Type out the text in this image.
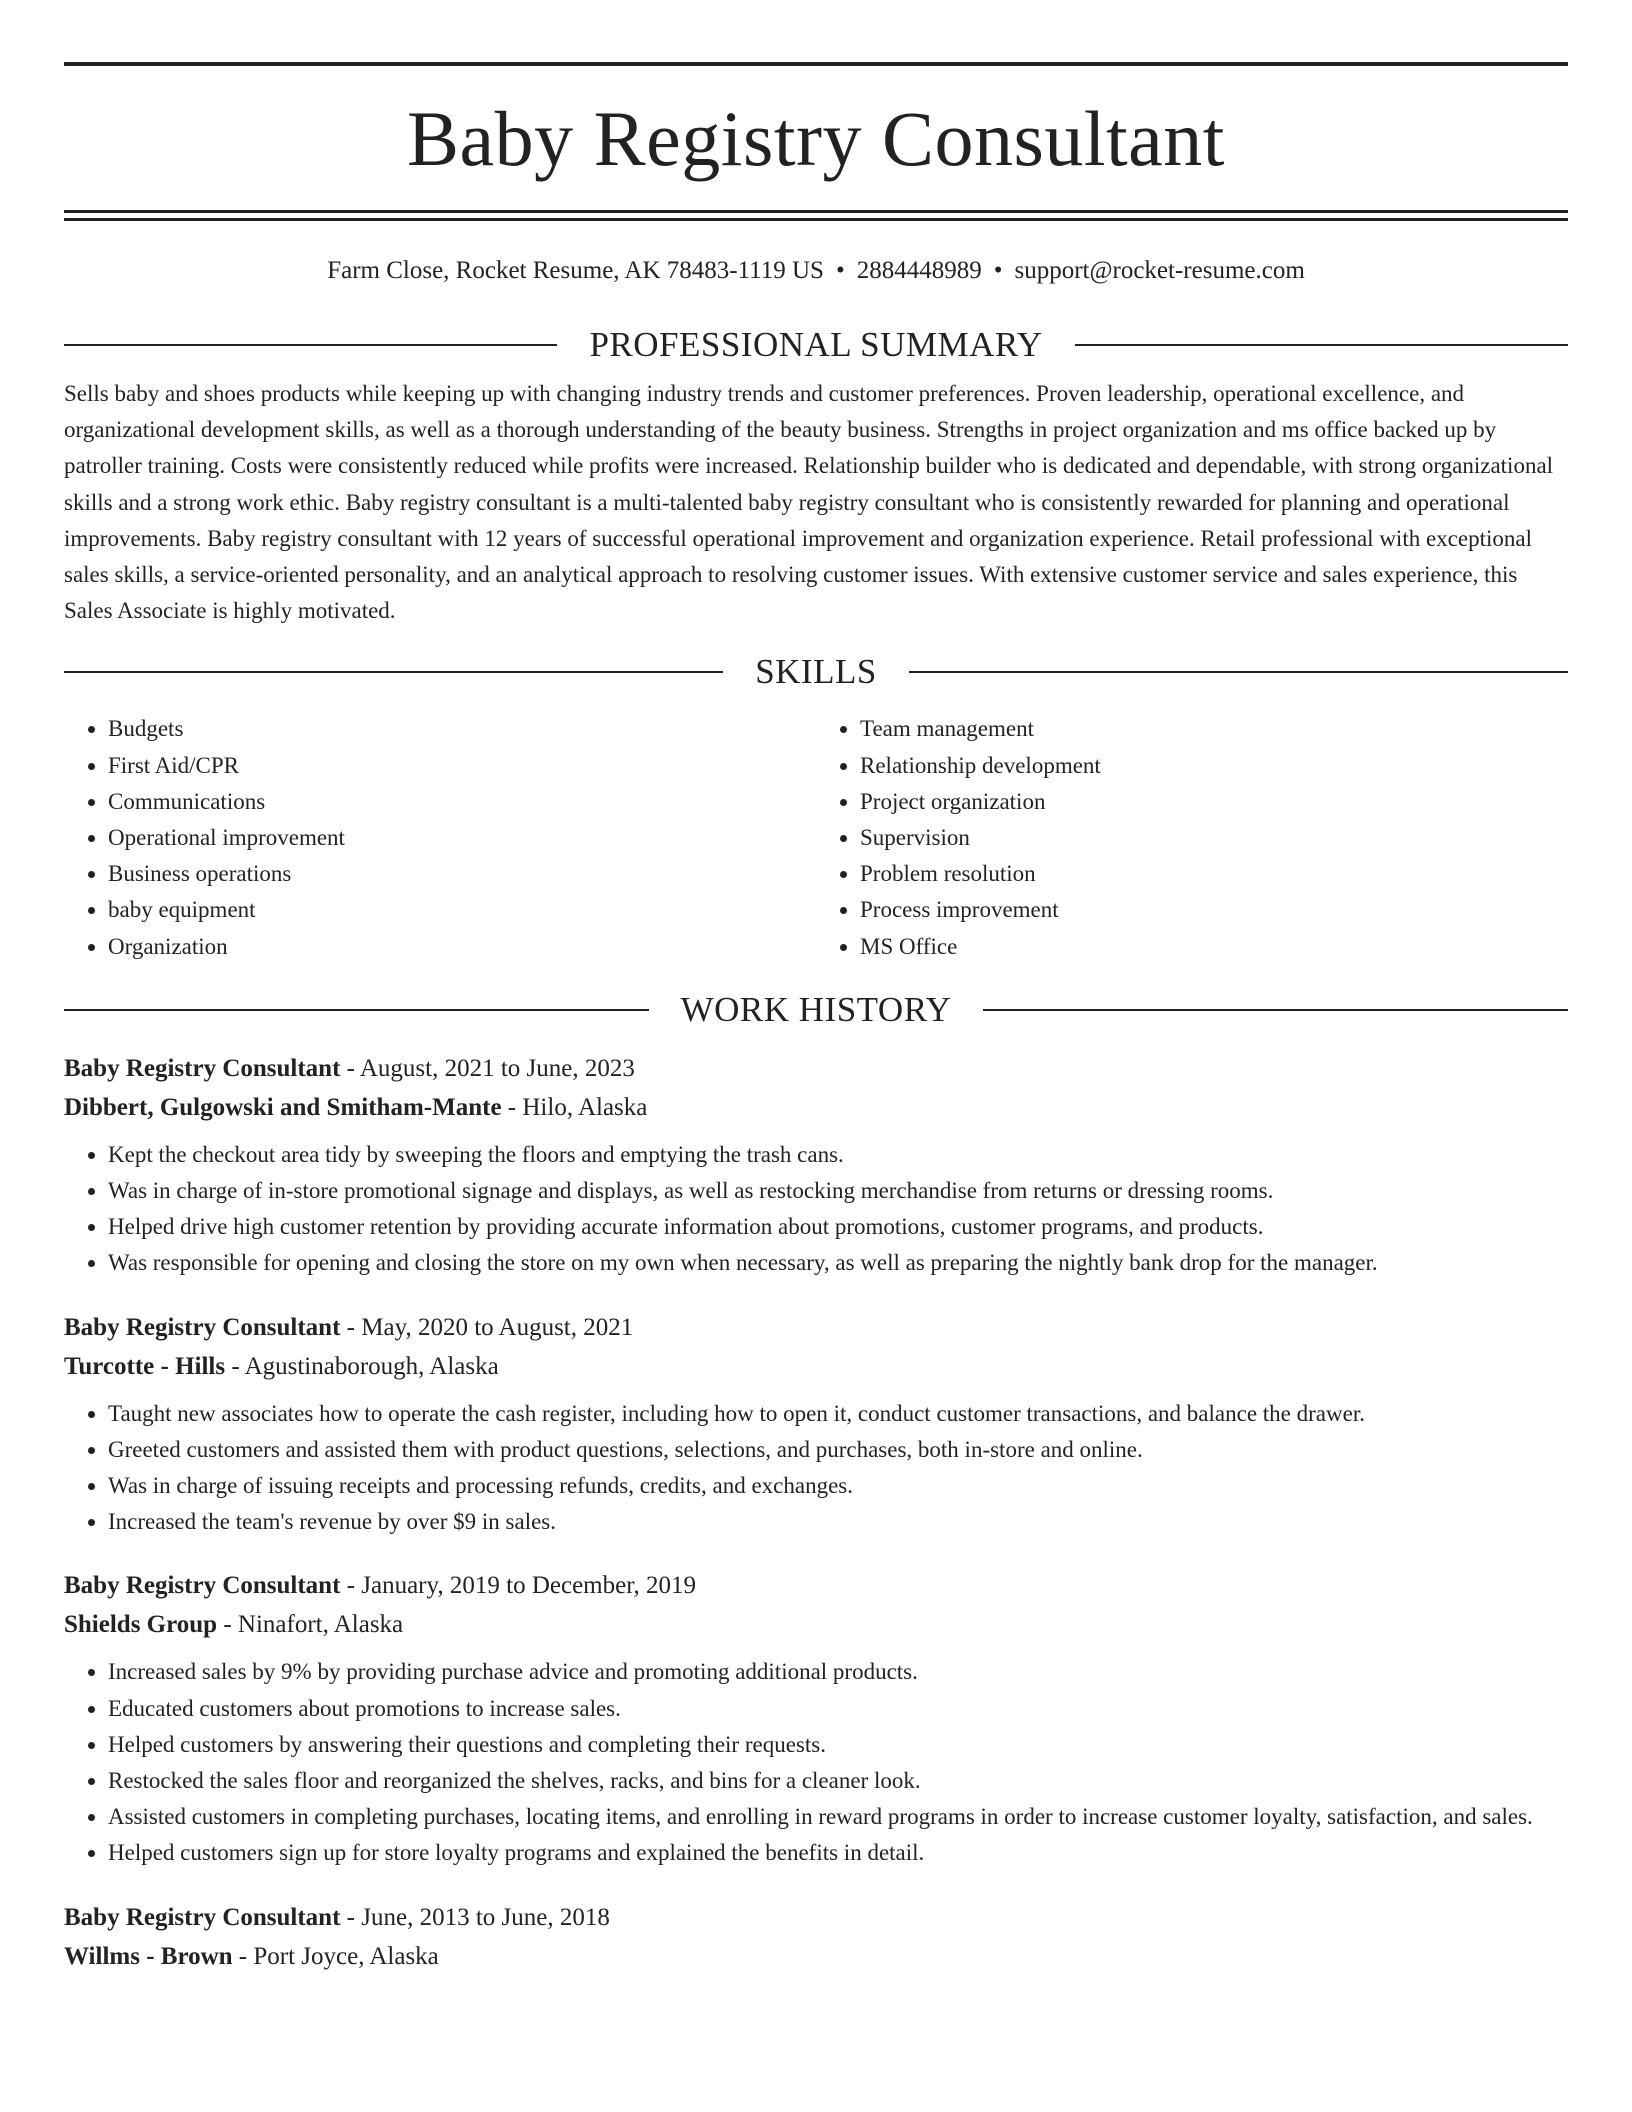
Baby Registry Consultant
Farm Close, Rocket Resume, AK 78483-1119 US • 2884448989 • support@rocket-resume.com
PROFESSIONAL SUMMARY

Sells baby and shoes products while keeping up with changing industry trends and customer preferences. Proven leadership, operational excellence, and organizational development skills, as well as a thorough understanding of the beauty business. Strengths in project organization and ms office backed up by patroller training. Costs were consistently reduced while profits were increased. Relationship builder who is dedicated and dependable, with strong organizational skills and a strong work ethic. Baby registry consultant is a multi-talented baby registry consultant who is consistently rewarded for planning and operational improvements. Baby registry consultant with 12 years of successful operational improvement and organization experience. Retail professional with exceptional sales skills, a service-oriented personality, and an analytical approach to resolving customer issues. With extensive customer service and sales experience, this Sales Associate is highly motivated.

SKILLS
• Budgets
• First Aid/CPR
• Communications
• Operational improvement
• Business operations
• baby equipment
• Organization
• Team management
• Relationship development
• Project organization
• Supervision
• Problem resolution
• Process improvement
• MS Office
WORK HISTORY
Baby Registry Consultant - August, 2021 to June, 2023
Dibbert, Gulgowski and Smitham-Mante - Hilo, Alaska
• Kept the checkout area tidy by sweeping the floors and emptying the trash cans.
• Was in charge of in-store promotional signage and displays, as well as restocking merchandise from returns or dressing rooms.
• Helped drive high customer retention by providing accurate information about promotions, customer programs, and products.
• Was responsible for opening and closing the store on my own when necessary, as well as preparing the nightly bank drop for the manager.
Baby Registry Consultant - May, 2020 to August, 2021
Turcotte - Hills - Agustinaborough, Alaska
• Taught new associates how to operate the cash register, including how to open it, conduct customer transactions, and balance the drawer.
• Greeted customers and assisted them with product questions, selections, and purchases, both in-store and online.
• Was in charge of issuing receipts and processing refunds, credits, and exchanges.
• Increased the team's revenue by over $9 in sales.
Baby Registry Consultant - January, 2019 to December, 2019
Shields Group - Ninafort, Alaska
• Increased sales by 9% by providing purchase advice and promoting additional products.
• Educated customers about promotions to increase sales.
• Helped customers by answering their questions and completing their requests.
• Restocked the sales floor and reorganized the shelves, racks, and bins for a cleaner look.
• Assisted customers in completing purchases, locating items, and enrolling in reward programs in order to increase customer loyalty, satisfaction, and sales.
• Helped customers sign up for store loyalty programs and explained the benefits in detail.
Baby Registry Consultant - June, 2013 to June, 2018
Willms - Brown - Port Joyce, Alaska
